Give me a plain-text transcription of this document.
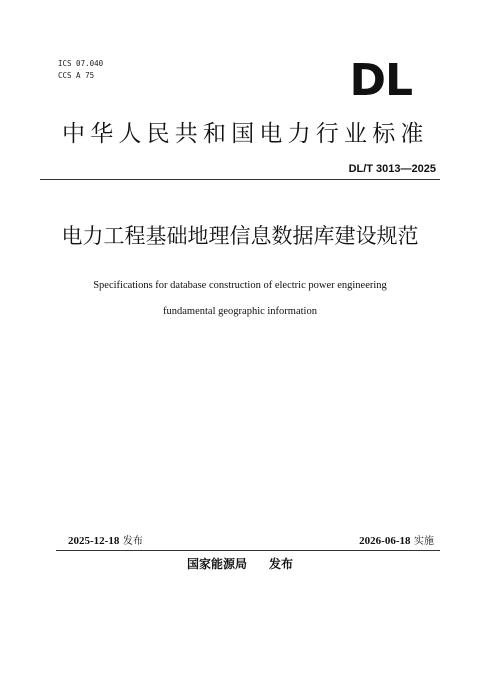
ICS 07.040
CCS A 75	DL
中华人民共和国电力行业标准
DL/T 3013—2025
电力工程基础地理信息数据库建设规范
Specifications for database construction of electric power engineering
fundamental geographic information
2025-12-18 发布	2026-06-18 实施
国家能源局 发布
